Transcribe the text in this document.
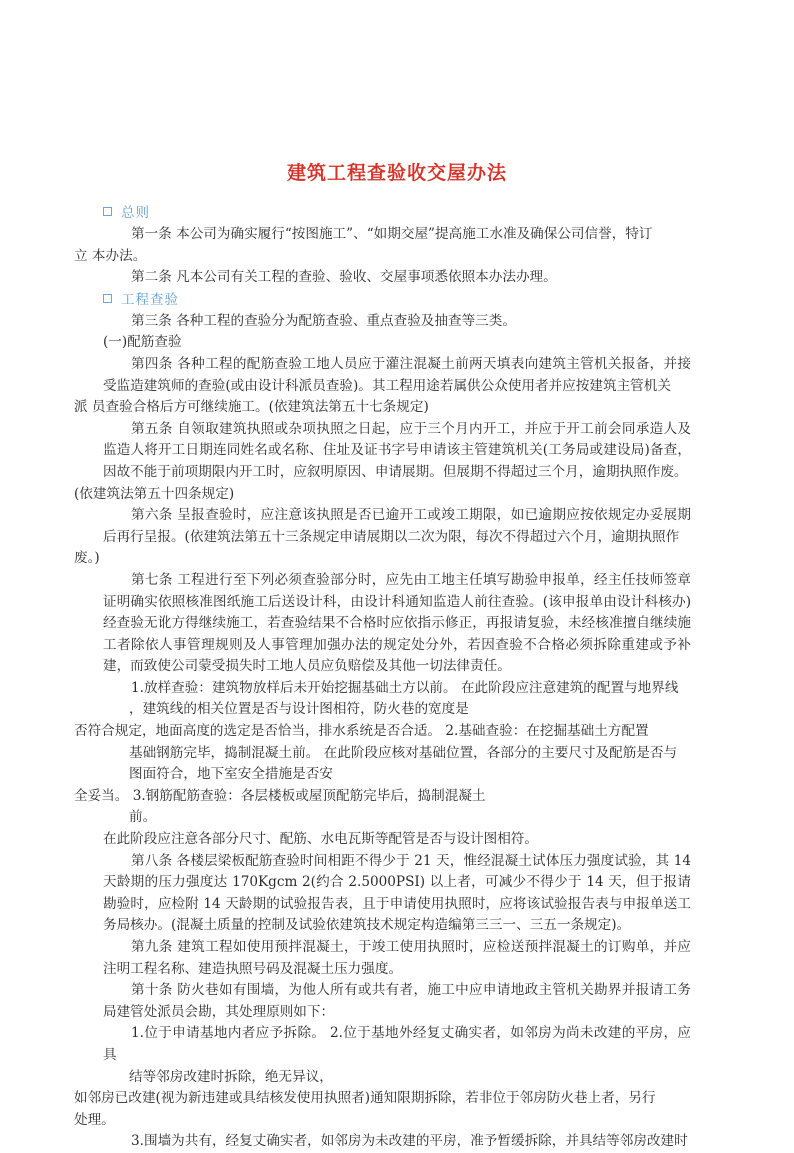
建筑工程查验收交屋办法
总则

第一条 本公司为确实履行“按图施工”、“如期交屋”提高施工水准及确保公司信誉，特订

立 本办法。

第二条 凡本公司有关工程的查验、验收、交屋事项悉依照本办法办理。

工程查验

第三条 各种工程的查验分为配筋查验、重点查验及抽查等三类。

(一)配筋查验

第四条 各种工程的配筋查验工地人员应于灌注混凝土前两天填表向建筑主管机关报备，并接受监造建筑师的查验(或由设计科派员查验)。其工程用途若属供公众使用者并应按建筑主管机关

派 员查验合格后方可继续施工。(依建筑法第五十七条规定)

第五条 自领取建筑执照或杂项执照之日起，应于三个月内开工，并应于开工前会同承造人及监造人将开工日期连同姓名或名称、住址及证书字号申请该主管建筑机关(工务局或建设局)备查，因故不能于前项期限内开工时，应叙明原因、申请展期。但展期不得超过三个月，逾期执照作废。

(依建筑法第五十四条规定)

第六条 呈报查验时，应注意该执照是否已逾开工或竣工期限，如已逾期应按依规定办妥展期后再行呈报。(依建筑法第五十三条规定申请展期以二次为限，每次不得超过六个月，逾期执照作

废。)

第七条 工程进行至下列必须查验部分时，应先由工地主任填写勘验申报单，经主任技师签章 证明确实依照核准图纸施工后送设计科，由设计科通知监造人前往查验。(该申报单由设计科核办) 经查验无讹方得继续施工，若查验结果不合格时应依指示修正，再报请复验，未经核准擅自继续施 工者除依人事管理规则及人事管理加强办法的规定处分外，若因查验不合格必须拆除重建或予补建，而致使公司蒙受损失时工地人员应负赔偿及其他一切法律责任。

1.放样查验：建筑物放样后未开始挖掘基础土方以前。 在此阶段应注意建筑的配置与地界线

，建筑线的相关位置是否与设计图相符，防火巷的宽度是

否符合规定，地面高度的选定是否恰当，排水系统是否合适。 2.基础查验：在挖掘基础土方配置

基础钢筋完毕，捣制混凝土前。 在此阶段应核对基础位置，各部分的主要尺寸及配筋是否与

图面符合，地下室安全措施是否安

全妥当。 3.钢筋配筋查验：各层楼板或屋顶配筋完毕后，捣制混凝土

前。

在此阶段应注意各部分尺寸、配筋、水电瓦斯等配管是否与设计图相符。

第八条 各楼层梁板配筋查验时间相距不得少于 21 天，惟经混凝土试体压力强度试验，其 14 天龄期的压力强度达 170Kgcm 2(约合 2.5000PSI) 以上者，可减少不得少于 14 天，但于报请勘验时，应检附 14 天龄期的试验报告表，且于申请使用执照时，应将该试验报告表与申报单送工务局核办。(混凝土质量的控制及试验依建筑技术规定构造编第三三一、三五一条规定)。

第九条 建筑工程如使用预拌混凝土，于竣工使用执照时，应检送预拌混凝土的订购单，并应注明工程名称、建造执照号码及混凝土压力强度。

第十条 防火巷如有围墙，为他人所有或共有者，施工中应申请地政主管机关勘界并报请工务局建管处派员会勘，其处理原则如下：

1.位于申请基地内者应予拆除。 2.位于基地外经复丈确实者，如邻房为尚未改建的平房，应具

结等邻房改建时拆除，绝无异议，

如邻房已改建(视为新违建或具结核发使用执照者)通知限期拆除，若非位于邻房防火巷上者，另行

处理。

3.围墙为共有，经复丈确实者，如邻房为未改建的平房，准予暂缓拆除，并具结等邻房改建时
